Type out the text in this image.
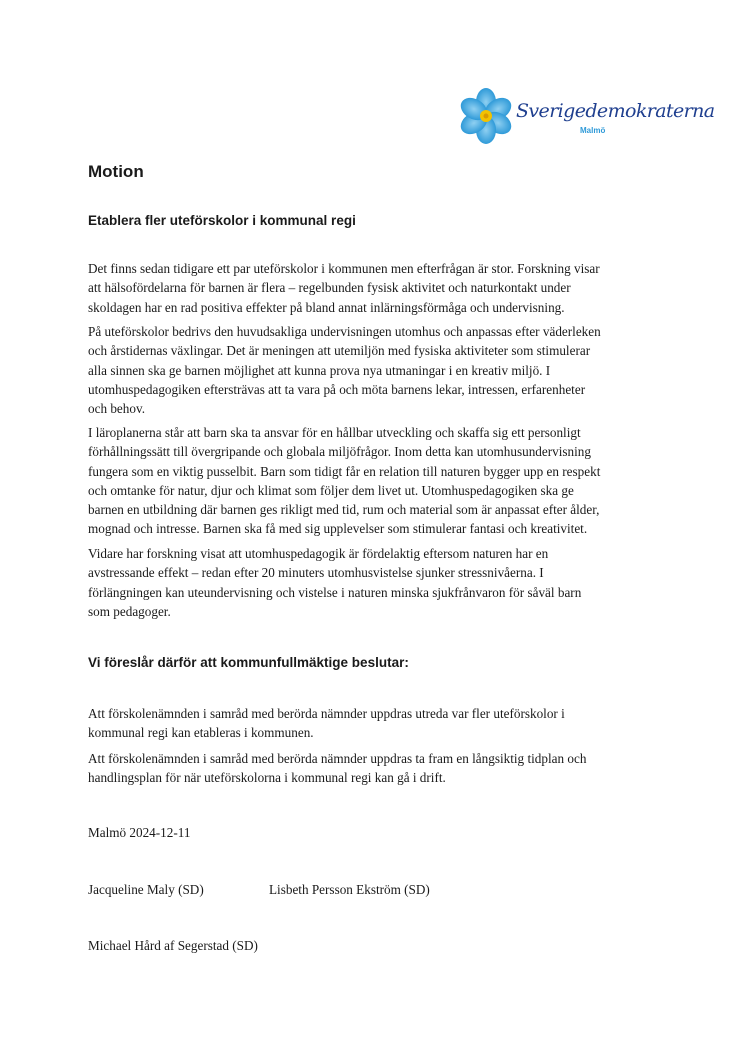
Sverigedemokraterna
Malmö
Motion
Etablera fler uteförskolor i kommunal regi

Det finns sedan tidigare ett par uteförskolor i kommunen men efterfrågan är stor. Forskning visar
att hälsofördelarna för barnen är flera – regelbunden fysisk aktivitet och naturkontakt under
skoldagen har en rad positiva effekter på bland annat inlärningsförmåga och undervisning.

På uteförskolor bedrivs den huvudsakliga undervisningen utomhus och anpassas efter väderleken
och årstidernas växlingar. Det är meningen att utemiljön med fysiska aktiviteter som stimulerar
alla sinnen ska ge barnen möjlighet att kunna prova nya utmaningar i en kreativ miljö. I
utomhuspedagogiken eftersträvas att ta vara på och möta barnens lekar, intressen, erfarenheter
och behov.

I läroplanerna står att barn ska ta ansvar för en hållbar utveckling och skaffa sig ett personligt
förhållningssätt till övergripande och globala miljöfrågor. Inom detta kan utomhusundervisning
fungera som en viktig pusselbit. Barn som tidigt får en relation till naturen bygger upp en respekt
och omtanke för natur, djur och klimat som följer dem livet ut. Utomhuspedagogiken ska ge
barnen en utbildning där barnen ges rikligt med tid, rum och material som är anpassat efter ålder,
mognad och intresse. Barnen ska få med sig upplevelser som stimulerar fantasi och kreativitet.

Vidare har forskning visat att utomhuspedagogik är fördelaktig eftersom naturen har en
avstressande effekt – redan efter 20 minuters utomhusvistelse sjunker stressnivåerna. I
förlängningen kan uteundervisning och vistelse i naturen minska sjukfrånvaron för såväl barn
som pedagoger.

Vi föreslår därför att kommunfullmäktige beslutar:

Att förskolenämnden i samråd med berörda nämnder uppdras utreda var fler uteförskolor i
kommunal regi kan etableras i kommunen.

Att förskolenämnden i samråd med berörda nämnder uppdras ta fram en långsiktig tidplan och
handlingsplan för när uteförskolorna i kommunal regi kan gå i drift.

Malmö 2024-12-11
Jacqueline Maly (SD)	Lisbeth Persson Ekström (SD)
Michael Hård af Segerstad (SD)
